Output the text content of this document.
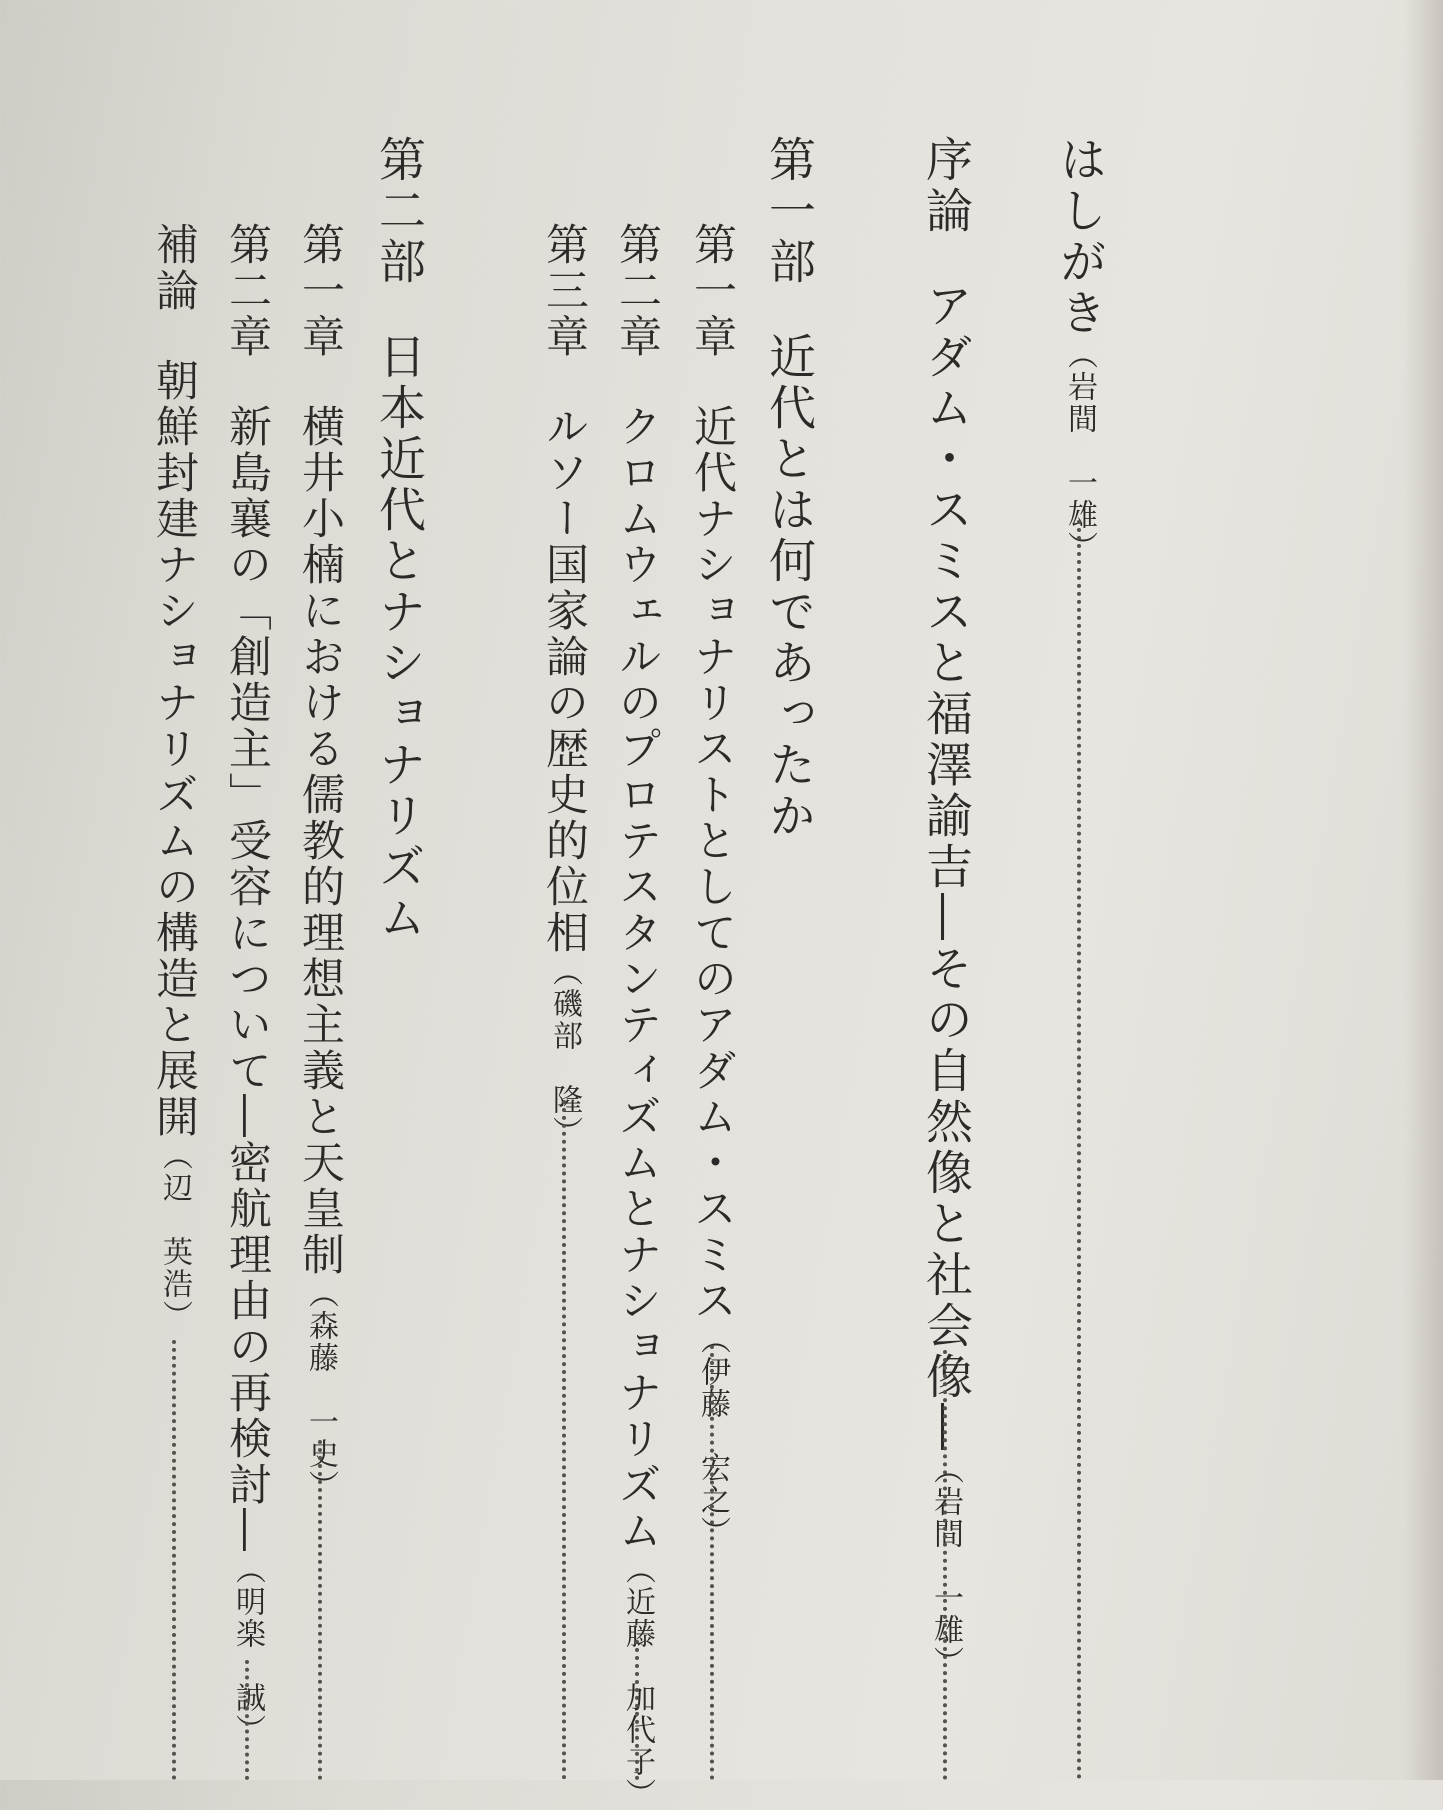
はしがき（岩間　一雄）
序論アダム・スミスと福澤諭吉―その自然像と社会像―（岩間　一雄）
第一部近代とは何であったか
第一章近代ナショナリストとしてのアダム・スミス（伊藤　宏之）
第二章クロムウェルのプロテスタンティズムとナショナリズム（近藤　加代子）
第三章ルソー国家論の歴史的位相（磯部　隆）
第二部日本近代とナショナリズム
第一章横井小楠における儒教的理想主義と天皇制（森藤　一史）
第二章新島襄の「創造主」受容について―密航理由の再検討―（明楽　誠）
補論朝鮮封建ナショナリズムの構造と展開（辺　英浩）
